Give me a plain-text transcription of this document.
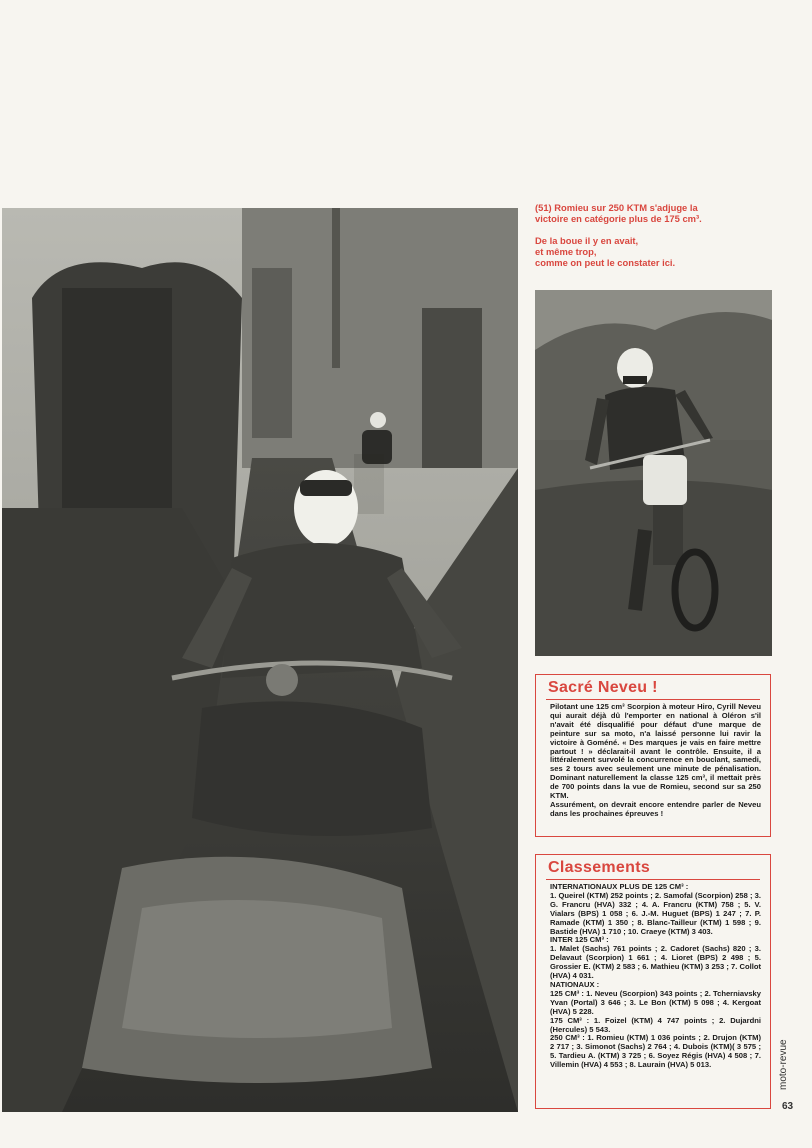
(51) Romieu sur 250 KTM s'adjuge la

victoire en catégorie plus de 175 cm³.

De la boue il y en avait,

et même trop,

comme on peut le constater ici.

Sacré Neveu !

Pilotant une 125 cm³ Scorpion à moteur Hiro, Cyrill Neveu qui aurait déjà dû l'emporter en national à Oléron s'il n'avait été disqualifié pour défaut d'une marque de peinture sur sa moto, n'a laissé personne lui ravir la victoire à Goméné. « Des marques je vais en faire mettre partout ! » déclarait-il avant le contrôle. Ensuite, il a littéralement survolé la concurrence en bouclant, samedi, ses 2 tours avec seulement une minute de pénalisation. Dominant naturellement la classe 125 cm³, il mettait près de 700 points dans la vue de Romieu, second sur sa 250 KTM.

Assurément, on devrait encore entendre parler de Neveu dans les prochaines épreuves !

Classements

INTERNATIONAUX PLUS DE 125 CM³ :

1. Queirel (KTM) 252 points ; 2. Samofal (Scorpion) 258 ; 3. G. Francru (HVA) 332 ; 4. A. Francru (KTM) 758 ; 5. V. Vialars (BPS) 1 058 ; 6. J.-M. Huguet (BPS) 1 247 ; 7. P. Ramade (KTM) 1 350 ; 8. Blanc-Tailleur (KTM) 1 598 ; 9. Bastide (HVA) 1 710 ; 10. Craeye (KTM) 3 403.

INTER 125 CM³ :

1. Malet (Sachs) 761 points ; 2. Cadoret (Sachs) 820 ; 3. Delavaut (Scorpion) 1 661 ; 4. Lioret (BPS) 2 498 ; 5. Grossier E. (KTM) 2 583 ; 6. Mathieu (KTM) 3 253 ; 7. Collot (HVA) 4 031.

NATIONAUX :

125 CM³ : 1. Neveu (Scorpion) 343 points ; 2. Tcherniavsky Yvan (Portal) 3 646 ; 3. Le Bon (KTM) 5 098 ; 4. Kergoat (HVA) 5 228.

175 CM³ : 1. Foizel (KTM) 4 747 points ; 2. Dujardni (Hercules) 5 543.

250 CM³ : 1. Romieu (KTM) 1 036 points ; 2. Drujon (KTM) 2 717 ; 3. Simonot (Sachs) 2 764 ; 4. Dubois (KTM)( 3 575 ; 5. Tardieu A. (KTM) 3 725 ; 6. Soyez Régis (HVA) 4 508 ; 7. Villemin (HVA) 4 553 ; 8. Laurain (HVA) 5 013.	moto-revue
63
